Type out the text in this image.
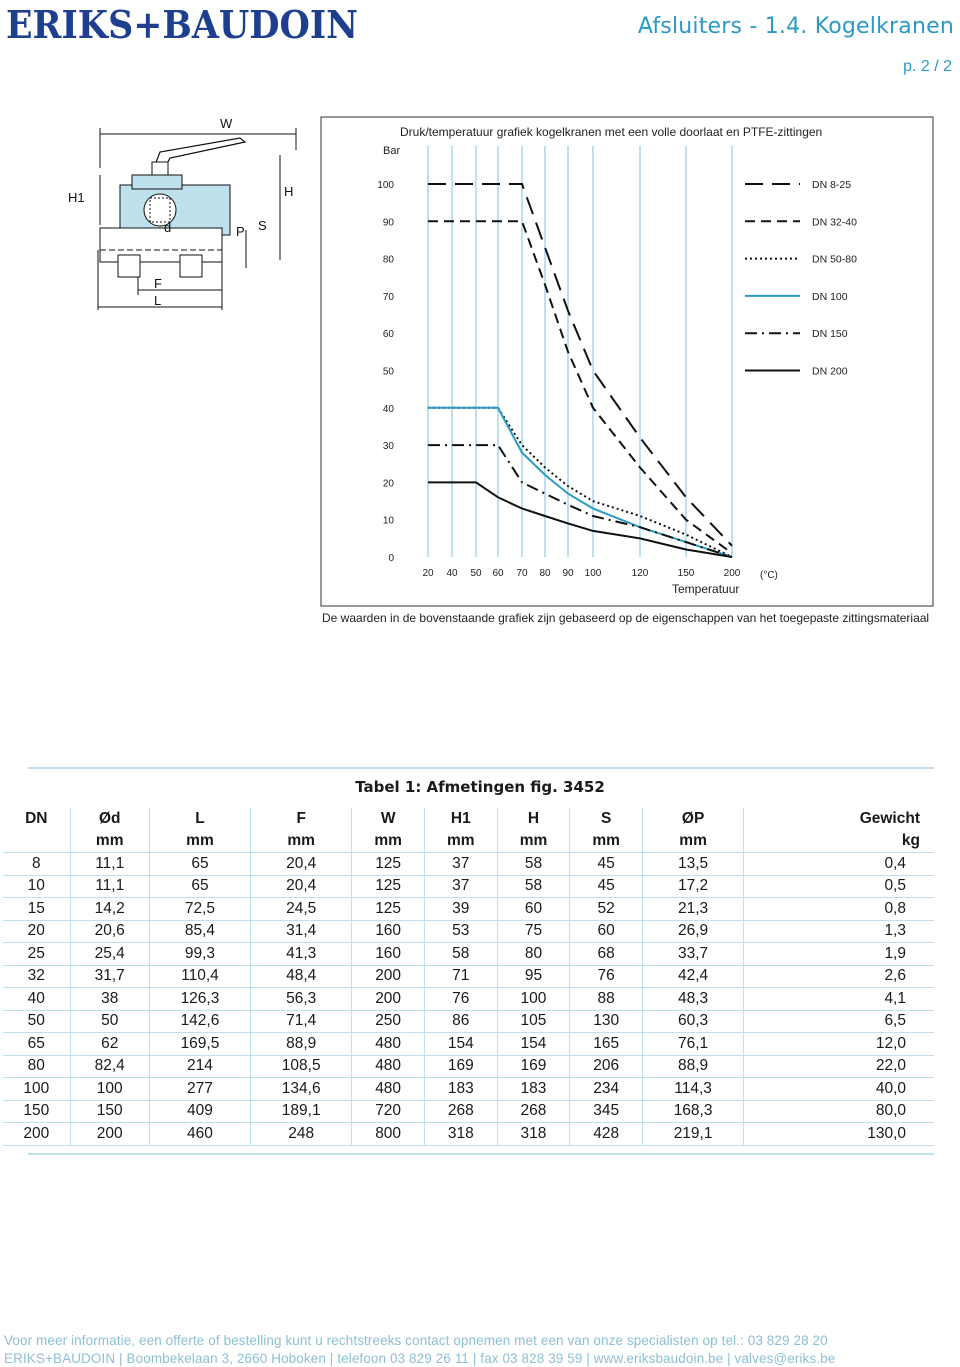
ERIKS+BAUDOIN	Afsluiters - 1.4. Kogelkranen
p. 2 / 2
W
H1	H
d	P S
F
L
Druk/temperatuur grafiek kogelkranen met een volle doorlaat en PTFE-zittingen
Bar
DN 8-25
DN 32-40
DN 50-80
DN 100
DN 150
DN 200
20 40 50 60 70 80 90 100	120	150	200
0
10
20
30
40
50
60
70
80
90
100
Temperatuur
(°C)
De waarden in de bovenstaande grafiek zijn gebaseerd op de eigenschappen van het toegepaste zittingsmateriaal
Tabel 1: Afmetingen fig. 3452
DN	Ød	L	F	W	H1	H	S	ØP	Gewicht
	mm	mm	mm	mm	mm	mm	mm	mm	kg
8	11,1	65	20,4	125	37	58	45	13,5	0,4
10	11,1	65	20,4	125	37	58	45	17,2	0,5
15	14,2	72,5	24,5	125	39	60	52	21,3	0,8
20	20,6	85,4	31,4	160	53	75	60	26,9	1,3
25	25,4	99,3	41,3	160	58	80	68	33,7	1,9
32	31,7	110,4	48,4	200	71	95	76	42,4	2,6
40	38	126,3	56,3	200	76	100	88	48,3	4,1
50	50	142,6	71,4	250	86	105	130	60,3	6,5
65	62	169,5	88,9	480	154	154	165	76,1	12,0
80	82,4	214	108,5	480	169	169	206	88,9	22,0
100	100	277	134,6	480	183	183	234	114,3	40,0
150	150	409	189,1	720	268	268	345	168,3	80,0
200	200	460	248	800	318	318	428	219,1	130,0
Voor meer informatie, een offerte of bestelling kunt u rechtstreeks contact opnemen met een van onze specialisten op tel.: 03 829 28 20
ERIKS+BAUDOIN | Boombekelaan 3, 2660 Hoboken | telefoon 03 829 26 11 | fax 03 828 39 59 | www.eriksbaudoin.be | valves@eriks.be
